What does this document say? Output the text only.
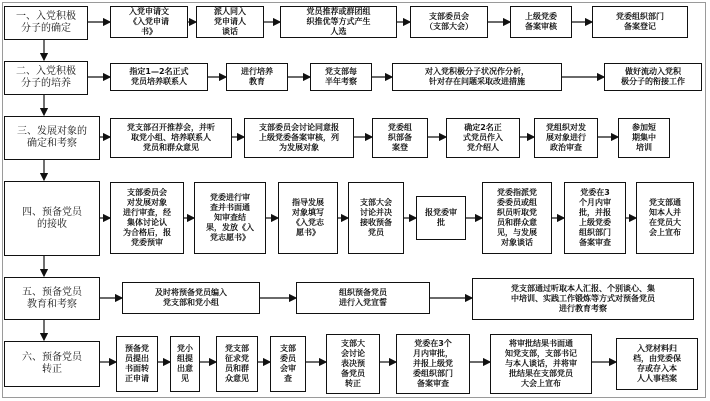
一、入党积极
分子的确定
二、入党积极
分子的培养
三、发展对象的
确定和考察
四、预备党员
的接收
五、预备党员
教育和考察
六、预备党员
转正
入党申请文
《入党申请
书》
派人同入
党申请人
谈话
党员推荐或群团组
织推优等方式产生
人选
支部委员会
（支部大会）
上级党委
备案审核
党委组织部门
备案登记
指定1—2名正式
党员培养联系人
进行培养
教育
党支部每
半年考察
对入党积极分子状况作分析，
针对存在问题采取改进措施
做好流动入党积
极分子的衔接工作
党支部召开推荐会，并听
取党小组、培养联系人
党员和群众意见
支部委员会讨论同意报
上级党委备案审核，列
为发展对象
党委组
织部备
案登
确定2名正
式党员作入
党介绍人
党组织对发
展对象进行
政治审查
参加短
期集中
培训
支部委员会
对发展对象
进行审查，经
集体讨论认
为合格后，报
党委预审
党委进行审
查并书面通
知审查结
果，发放《入
党志愿书》
指导发展
对象填写
《入党志
愿书》
支部大会
讨论并决
接收预备
党员
报党委审
批
党委指派党
委委员或组
织员听取党
员和群众意
见，与发展
对象谈话
党委在3
个月内审
批，并报
上级党委
组织部门
备案审查
党支部通
知本人并
在党员大
会上宣布
及时将预备党员编入
党支部和党小组
组织预备党员
进行入党宣誓
党支部通过听取本人汇报、个别谈心、集
中培训、实践工作锻炼等方式对预备党员
进行教育考察
预备党
员提出
书面转
正申请
党小
组提
出意
见
党支部
征求党
员和群
众意见
支部
委员
会审
查
支部大
会讨论
表决预
备党员
转正
党委在3个
月内审批，
并报上级党
委组织部门
备案审查
将审批结果书面通
知党支部，支部书记
与本人谈话，并将审
批结果在支部党员
大会上宣布
入党材料归
档，由党委保
存或存入本
人人事档案
